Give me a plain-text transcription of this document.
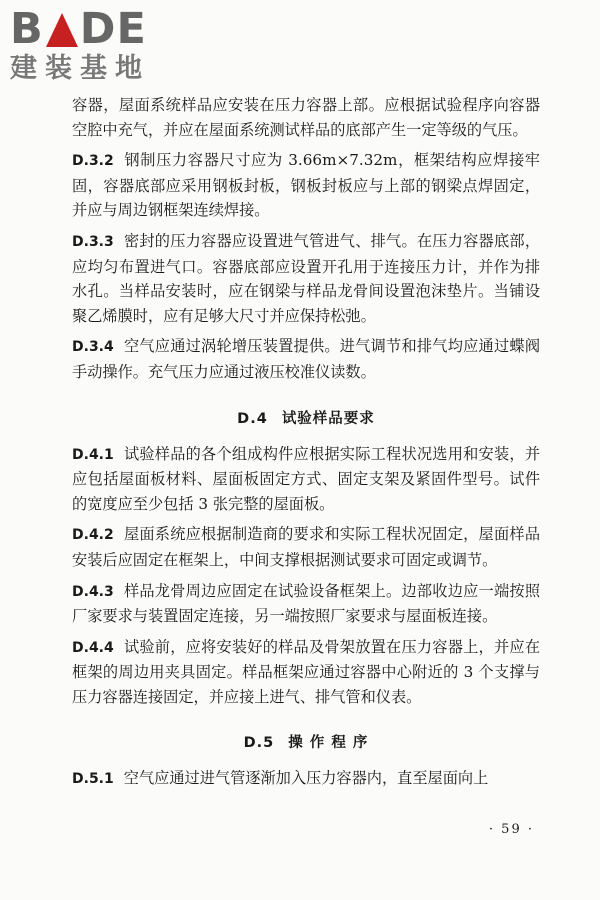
B DE
建装基地

容器，屋面系统样品应安装在压力容器上部。应根据试验程序向容器空腔中充气，并应在屋面系统测试样品的底部产生一定等级的气压。

D.3.2 钢制压力容器尺寸应为 3.66m×7.32m，框架结构应焊接牢固，容器底部应采用钢板封板，钢板封板应与上部的钢梁点焊固定，并应与周边钢框架连续焊接。

D.3.3 密封的压力容器应设置进气管进气、排气。在压力容器底部，应均匀布置进气口。容器底部应设置开孔用于连接压力计，并作为排水孔。当样品安装时，应在钢梁与样品龙骨间设置泡沫垫片。当铺设聚乙烯膜时，应有足够大尺寸并应保持松弛。

D.3.4 空气应通过涡轮增压装置提供。进气调节和排气均应通过蝶阀手动操作。充气压力应通过液压校准仪读数。

D.4 试验样品要求

D.4.1 试验样品的各个组成构件应根据实际工程状况选用和安装，并应包括屋面板材料、屋面板固定方式、固定支架及紧固件型号。试件的宽度应至少包括 3 张完整的屋面板。

D.4.2 屋面系统应根据制造商的要求和实际工程状况固定，屋面样品安装后应固定在框架上，中间支撑根据测试要求可固定或调节。

D.4.3 样品龙骨周边应固定在试验设备框架上。边部收边应一端按照厂家要求与装置固定连接，另一端按照厂家要求与屋面板连接。

D.4.4 试验前，应将安装好的样品及骨架放置在压力容器上，并应在框架的周边用夹具固定。样品框架应通过容器中心附近的 3 个支撑与压力容器连接固定，并应接上进气、排气管和仪表。

D.5 操 作 程 序

D.5.1 空气应通过进气管逐渐加入压力容器内，直至屋面向上

· 59 ·
